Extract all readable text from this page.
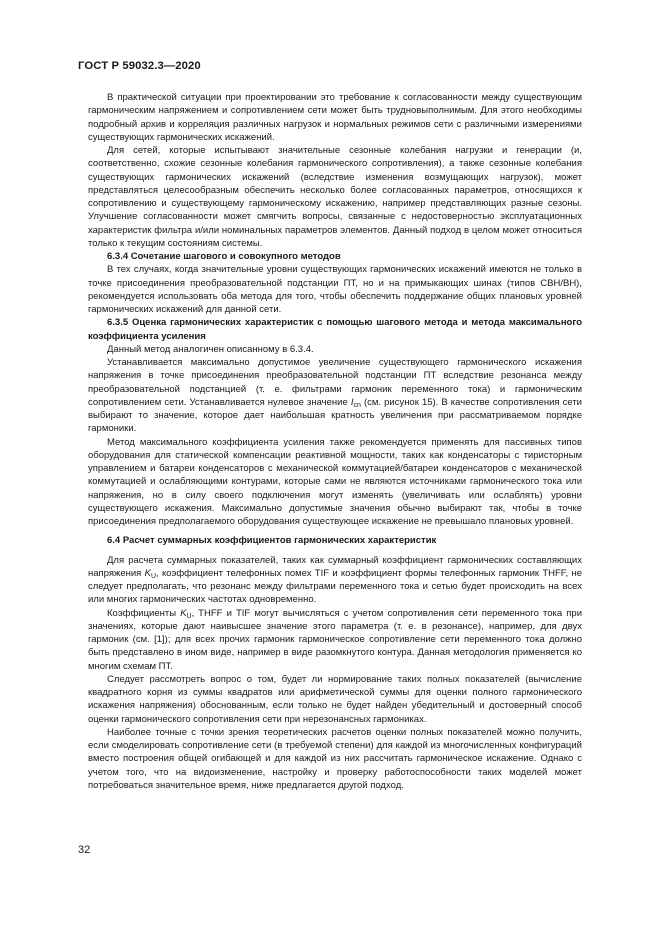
ГОСТ Р 59032.3—2020

В практической ситуации при проектировании это требование к согласованности между существующим гармоническим напряжением и сопротивлением сети может быть трудновыполнимым. Для этого необходимы подробный архив и корреляция различных нагрузок и нормальных режимов сети с различными измерениями существующих гармонических искажений.

Для сетей, которые испытывают значительные сезонные колебания нагрузки и генерации (и, соответственно, схожие сезонные колебания гармонического сопротивления), а также сезонные колебания существующих гармонических искажений (вследствие изменения возмущающих нагрузок), может представляться целесообразным обеспечить несколько более согласованных параметров, относящихся к сопротивлению и существующему гармоническому искажению, например представляющих разные сезоны. Улучшение согласованности может смягчить вопросы, связанные с недостоверностью эксплуатационных характеристик фильтра и/или номинальных параметров элементов. Данный подход в целом может относиться только к текущим состояниям системы.

6.3.4 Сочетание шагового и совокупного методов

В тех случаях, когда значительные уровни существующих гармонических искажений имеются не только в точке присоединения преобразовательной подстанции ПТ, но и на примыкающих шинах (типов СВН/ВН), рекомендуется использовать оба метода для того, чтобы обеспечить поддержание общих плановых уровней гармонических искажений для данной сети.

6.3.5 Оценка гармонических характеристик с помощью шагового метода и метода максимального коэффициента усиления

Данный метод аналогичен описанному в 6.3.4.

Устанавливается максимально допустимое увеличение существующего гармонического искажения напряжения в точке присоединения преобразовательной подстанции ПТ вследствие резонанса между преобразовательной подстанцией (т. е. фильтрами гармоник переменного тока) и гармоническим сопротивлением сети. Устанавливается нулевое значение $I_{сn}$ (см. рисунок 15). В качестве сопротивления сети выбирают то значение, которое дает наибольшая кратность увеличения при рассматриваемом порядке гармоники.

Метод максимального коэффициента усиления также рекомендуется применять для пассивных типов оборудования для статической компенсации реактивной мощности, таких как конденсаторы с тиристорным управлением и батареи конденсаторов с механической коммутацией/батареи конденсаторов с механической коммутацией и ослабляющими контурами, которые сами не являются источниками гармонического тока или напряжения, но в силу своего подключения могут изменять (увеличивать или ослаблять) уровни существующего искажения. Максимально допустимые значения обычно выбирают так, чтобы в точке присоединения предполагаемого оборудования существующее искажение не превышало плановых уровней.

6.4 Расчет суммарных коэффициентов гармонических характеристик

Для расчета суммарных показателей, таких как суммарный коэффициент гармонических составляющих напряжения $K_U$, коэффициент телефонных помех TIF и коэффициент формы телефонных гармоник THFF, не следует предполагать, что резонанс между фильтрами переменного тока и сетью будет происходить на всех или многих гармонических частотах одновременно.

Коэффициенты $K_U$, THFF и TIF могут вычисляться с учетом сопротивления сети переменного тока при значениях, которые дают наивысшее значение этого параметра (т. е. в резонансе), например, для двух гармоник (см. [1]); для всех прочих гармоник гармоническое сопротивление сети переменного тока должно быть представлено в ином виде, например в виде разомкнутого контура. Данная методология применяется ко многим схемам ПТ.

Следует рассмотреть вопрос о том, будет ли нормирование таких полных показателей (вычисление квадратного корня из суммы квадратов или арифметической суммы для оценки полного гармонического искажения напряжения) обоснованным, если только не будет найден убедительный и достоверный способ оценки гармонического сопротивления сети при нерезонансных гармониках.

Наиболее точные с точки зрения теоретических расчетов оценки полных показателей можно получить, если смоделировать сопротивление сети (в требуемой степени) для каждой из многочисленных конфигураций вместо построения общей огибающей и для каждой из них рассчитать гармоническое искажение. Однако с учетом того, что на видоизменение, настройку и проверку работоспособности таких моделей может потребоваться значительное время, ниже предлагается другой подход.

32
